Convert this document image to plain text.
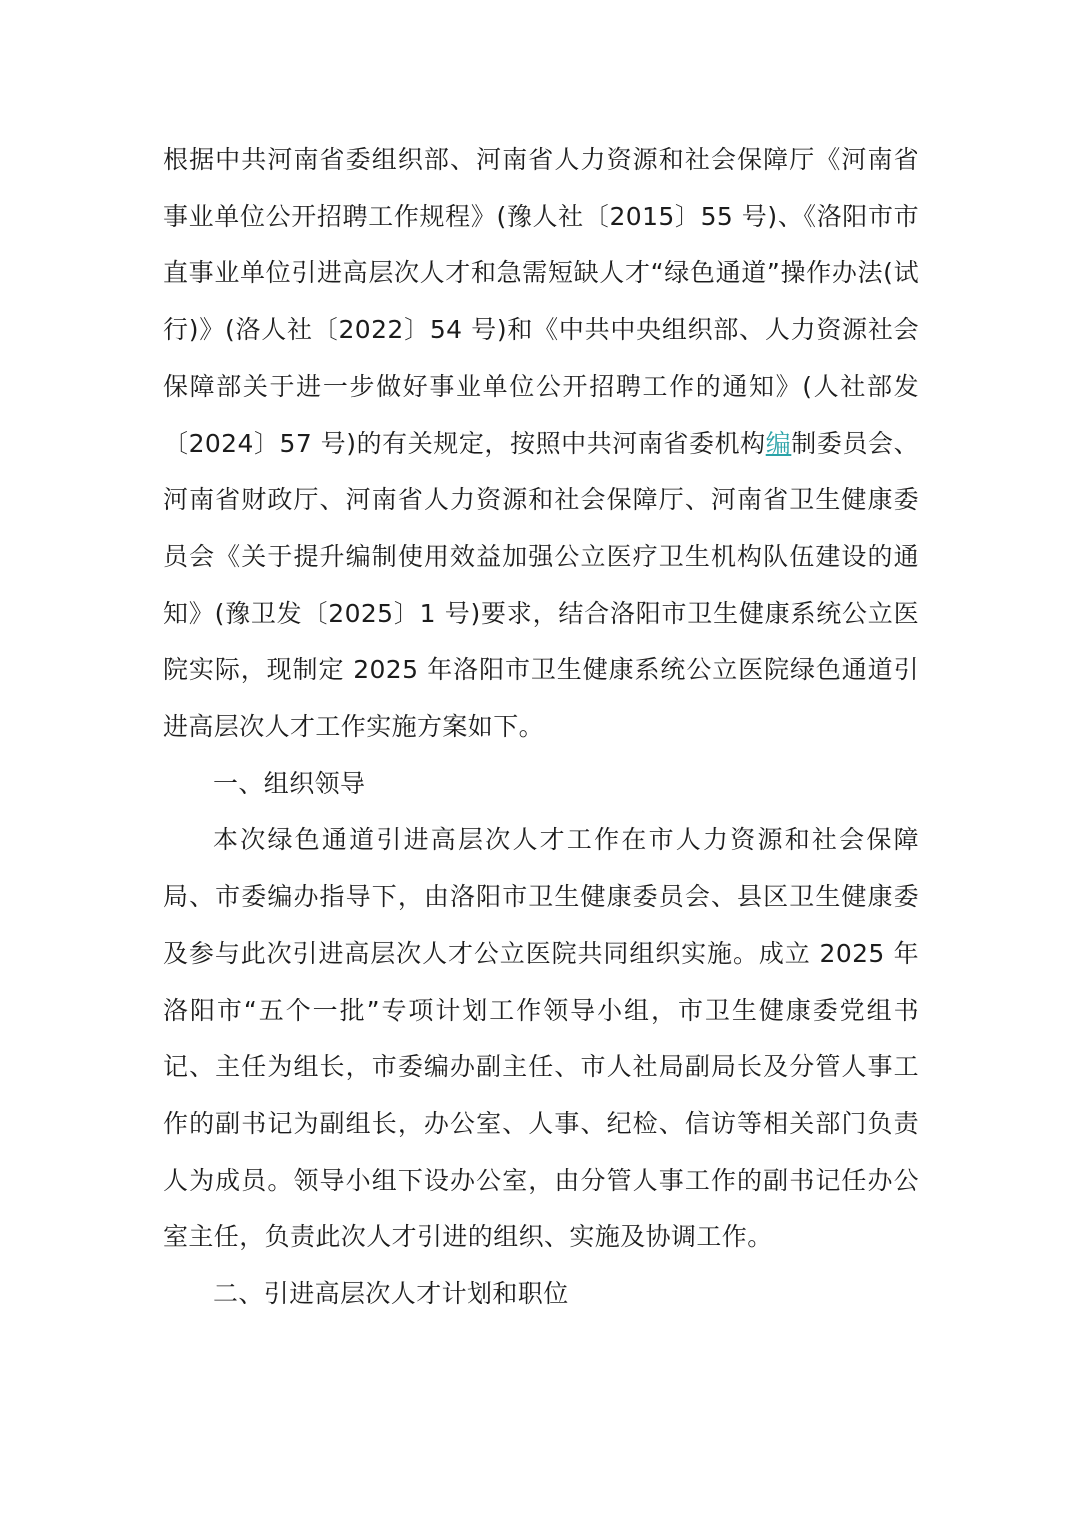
根据中共河南省委组织部、河南省人力资源和社会保障厅《河南省事业单位公开招聘工作规程》(豫人社〔2015〕55 号)、《洛阳市市直事业单位引进高层次人才和急需短缺人才“绿色通道”操作办法(试行)》(洛人社〔2022〕54 号)和《中共中央组织部、人力资源社会保障部关于进一步做好事业单位公开招聘工作的通知》(人社部发〔2024〕57 号)的有关规定，按照中共河南省委机构编制委员会、河南省财政厅、河南省人力资源和社会保障厅、河南省卫生健康委员会《关于提升编制使用效益加强公立医疗卫生机构队伍建设的通知》(豫卫发〔2025〕1 号)要求，结合洛阳市卫生健康系统公立医院实际，现制定 2025 年洛阳市卫生健康系统公立医院绿色通道引进高层次人才工作实施方案如下。

一、组织领导

本次绿色通道引进高层次人才工作在市人力资源和社会保障局、市委编办指导下，由洛阳市卫生健康委员会、县区卫生健康委及参与此次引进高层次人才公立医院共同组织实施。成立 2025 年洛阳市“五个一批”专项计划工作领导小组，市卫生健康委党组书记、主任为组长，市委编办副主任、市人社局副局长及分管人事工作的副书记为副组长，办公室、人事、纪检、信访等相关部门负责人为成员。领导小组下设办公室，由分管人事工作的副书记任办公室主任，负责此次人才引进的组织、实施及协调工作。

二、引进高层次人才计划和职位
